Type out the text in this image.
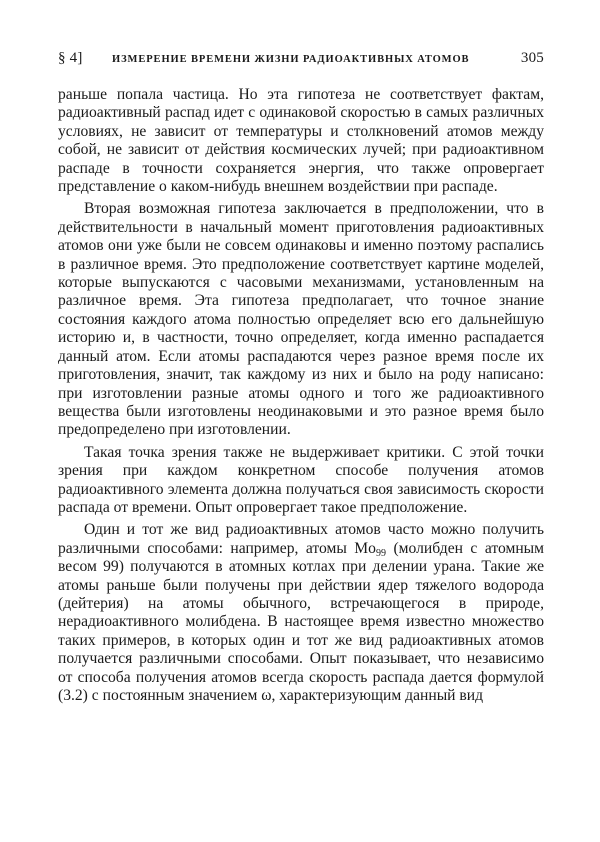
§ 4]	ИЗМЕРЕНИЕ ВРЕМЕНИ ЖИЗНИ РАДИОАКТИВНЫХ АТОМОВ	305

раньше попала частица. Но эта гипотеза не соответствует фактам, радиоактивный распад идет с одинаковой скоростью в самых различных условиях, не зависит от температуры и столкновений атомов между собой, не зависит от действия космических лучей; при радиоактивном распаде в точности сохраняется энергия, что также опровергает представление о каком-нибудь внешнем воздействии при распаде.

Вторая возможная гипотеза заключается в предположении, что в действительности в начальный момент приготовления радиоактивных атомов они уже были не совсем одинаковы и именно поэтому распались в различное время. Это предположение соответствует картине моделей, которые выпускаются с часовыми механизмами, установленным на различное время. Эта гипотеза предполагает, что точное знание состояния каждого атома полностью определяет всю его дальнейшую историю и, в частности, точно определяет, когда именно распадается данный атом. Если атомы распадаются через разное время после их приготовления, значит, так каждому из них и было на роду написано: при изготовлении разные атомы одного и того же радиоактивного вещества были изготовлены неодинаковыми и это разное время было предопределено при изготовлении.

Такая точка зрения также не выдерживает критики. С этой точки зрения при каждом конкретном способе получения атомов радиоактивного элемента должна получаться своя зависимость скорости распада от времени. Опыт опровергает такое предположение.

Один и тот же вид радиоактивных атомов часто можно получить различными способами: например, атомы $Mo_{99}$ (молибден с атомным весом 99) получаются в атомных котлах при делении урана. Такие же атомы раньше были получены при действии ядер тяжелого водорода (дейтерия) на атомы обычного, встречающегося в природе, нерадиоактивного молибдена. В настоящее время известно множество таких примеров, в которых один и тот же вид радиоактивных атомов получается различными способами. Опыт показывает, что независимо от способа получения атомов всегда скорость распада дается формулой (3.2) с постоянным значением ω, характеризующим данный вид
